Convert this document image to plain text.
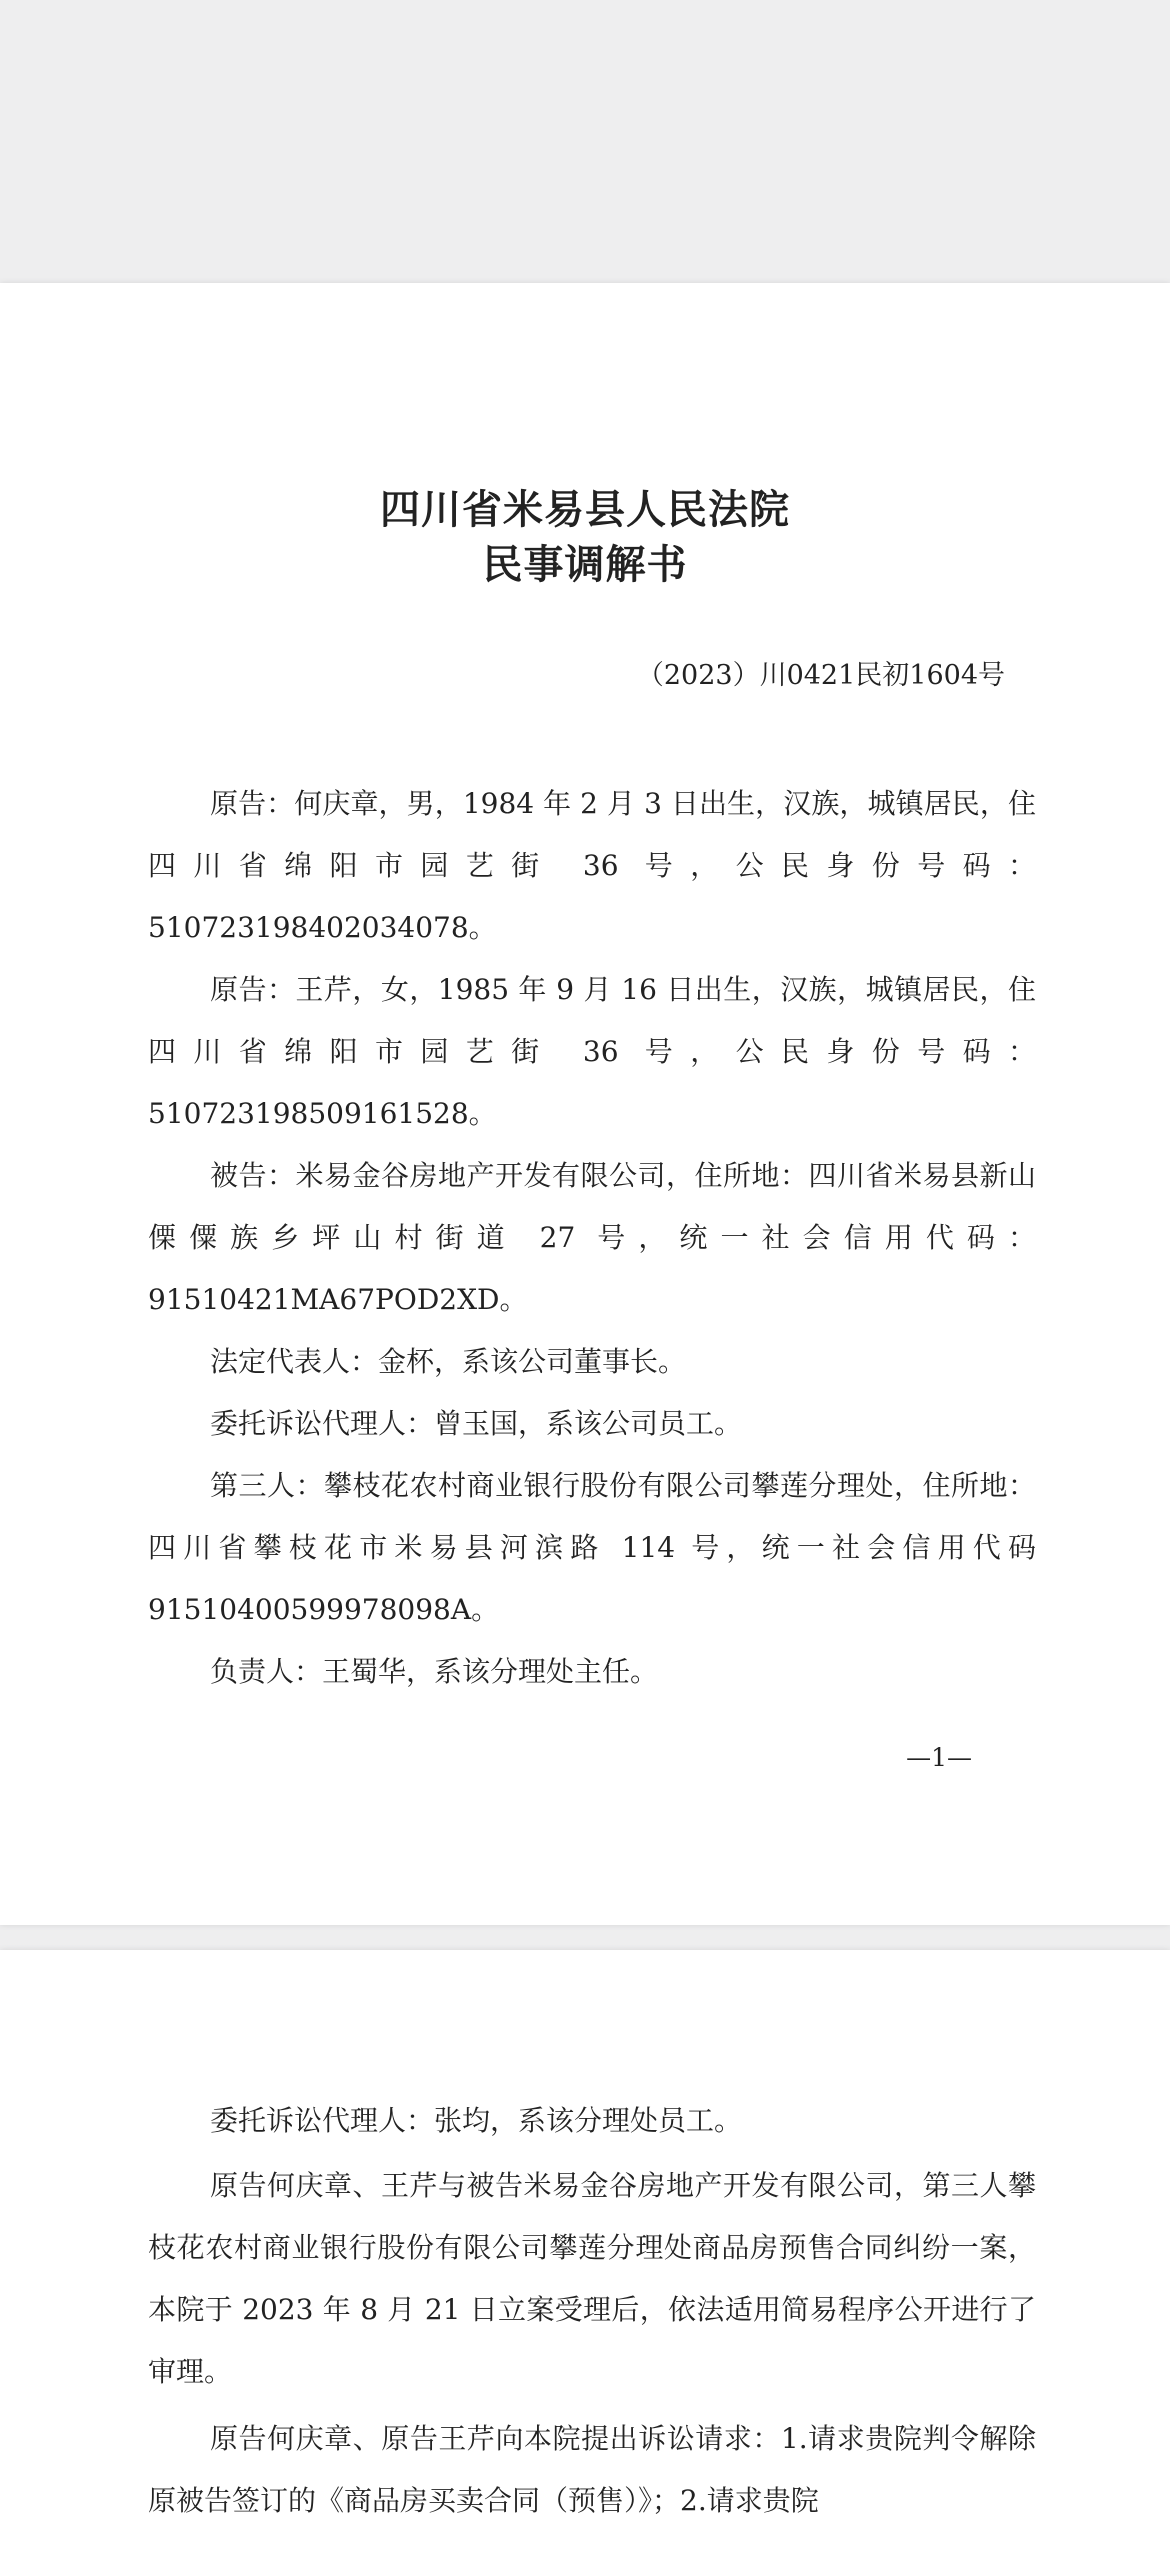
四川省米易县人民法院
民事调解书
（2023）川0421民初1604号

原告：何庆章，男，1984 年 2 月 3 日出生，汉族，城镇居民，住四川省绵阳市园艺街 36 号，公民身份号码：510723198402034078。

原告：王芹，女，1985 年 9 月 16 日出生，汉族，城镇居民，住四川省绵阳市园艺街 36 号，公民身份号码：510723198509161528。

被告：米易金谷房地产开发有限公司，住所地：四川省米易县新山傈僳族乡坪山村街道 27 号，统一社会信用代码：91510421MA67POD2XD。

法定代表人：金杯，系该公司董事长。

委托诉讼代理人：曾玉国，系该公司员工。

第三人：攀枝花农村商业银行股份有限公司攀莲分理处，住所地：四川省攀枝花市米易县河滨路 114 号，统一社会信用代码 91510400599978098A。

负责人：王蜀华，系该分理处主任。

—1—

委托诉讼代理人：张均，系该分理处员工。

原告何庆章、王芹与被告米易金谷房地产开发有限公司，第三人攀枝花农村商业银行股份有限公司攀莲分理处商品房预售合同纠纷一案，本院于 2023 年 8 月 21 日立案受理后，依法适用简易程序公开进行了审理。

原告何庆章、原告王芹向本院提出诉讼请求：1.请求贵院判令解除原被告签订的《商品房买卖合同（预售）》；2.请求贵院
